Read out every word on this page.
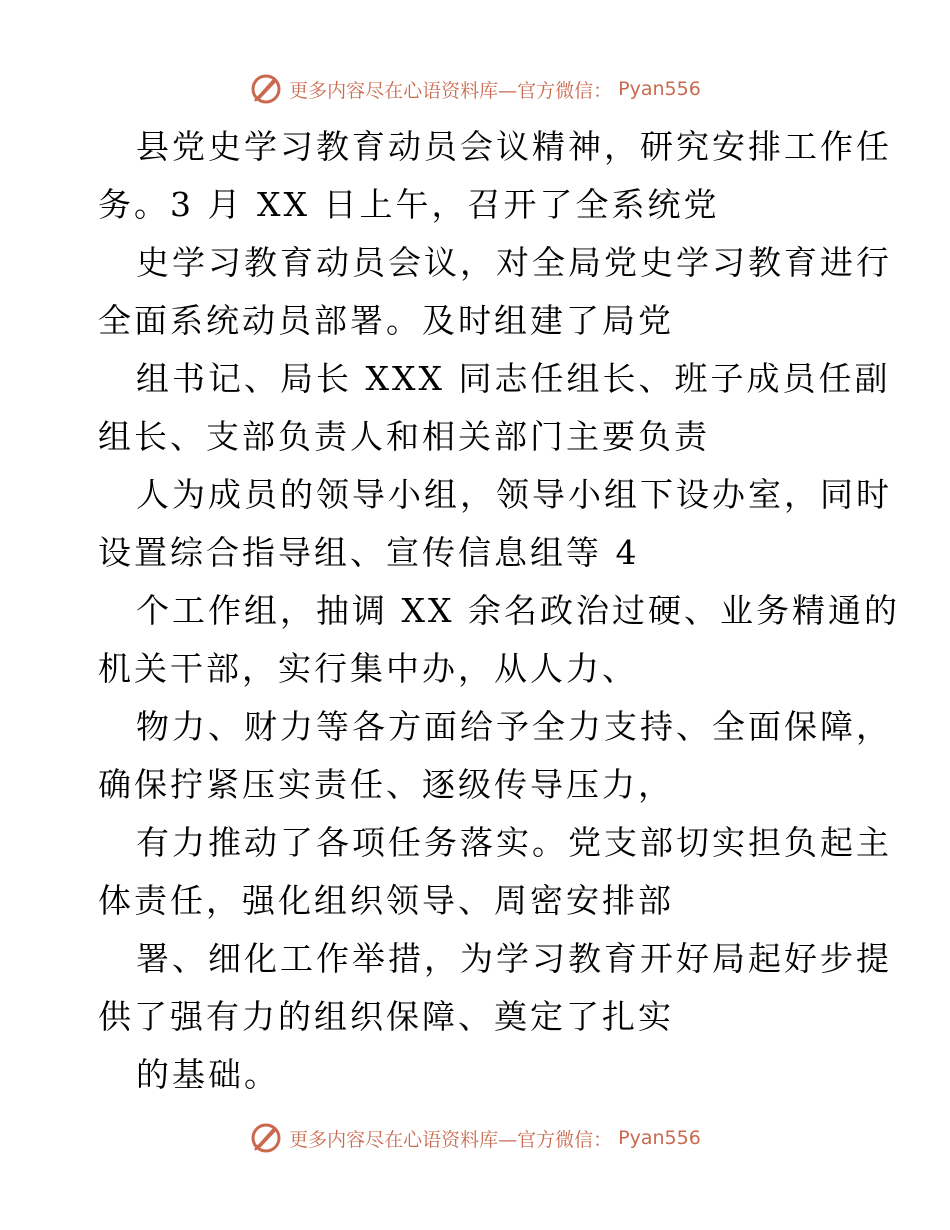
更多内容尽在心语资料库—官方微信： Pyan556
县党史学习教育动员会议精神，研究安排工作任
务。3 月 XX 日上午，召开了全系统党
史学习教育动员会议，对全局党史学习教育进行
全面系统动员部署。及时组建了局党
组书记、局长 XXX 同志任组长、班子成员任副
组长、支部负责人和相关部门主要负责
人为成员的领导小组，领导小组下设办室，同时
设置综合指导组、宣传信息组等 4
个工作组，抽调 XX 余名政治过硬、业务精通的
机关干部，实行集中办，从人力、
物力、财力等各方面给予全力支持、全面保障，
确保拧紧压实责任、逐级传导压力，
有力推动了各项任务落实。党支部切实担负起主
体责任，强化组织领导、周密安排部
署、细化工作举措，为学习教育开好局起好步提
供了强有力的组织保障、奠定了扎实
的基础。
更多内容尽在心语资料库—官方微信： Pyan556
